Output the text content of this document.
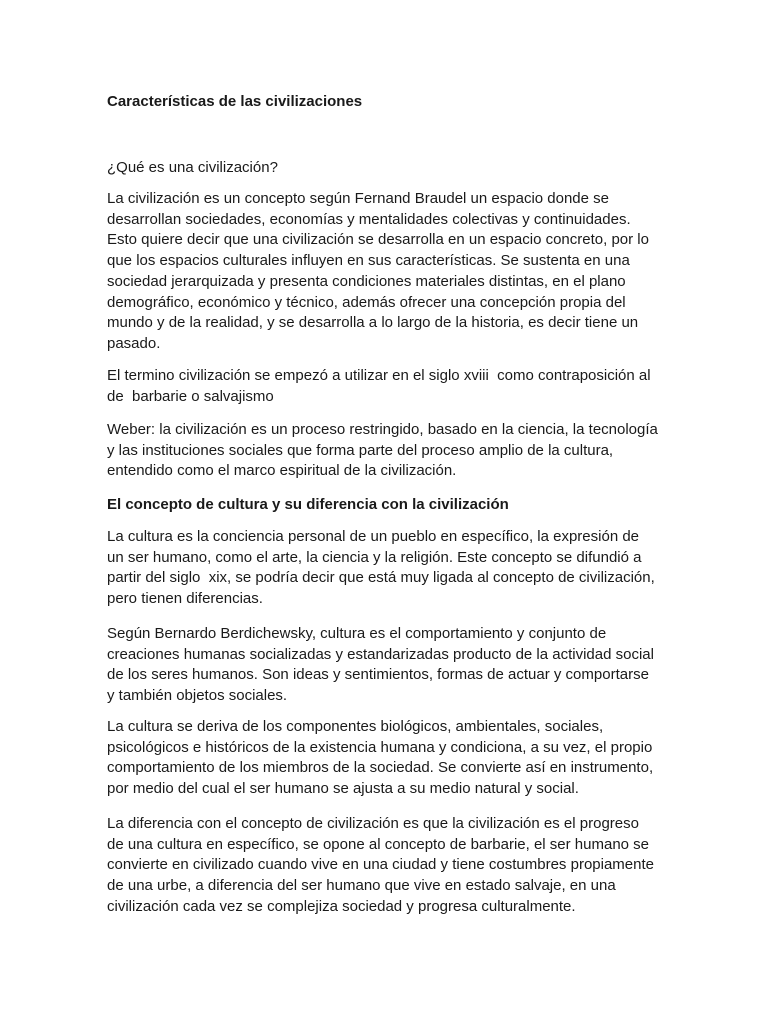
Características de las civilizaciones

¿Qué es una civilización?

La civilización es un concepto según Fernand Braudel un espacio donde se
desarrollan sociedades, economías y mentalidades colectivas y continuidades.
Esto quiere decir que una civilización se desarrolla en un espacio concreto, por lo
que los espacios culturales influyen en sus características. Se sustenta en una
sociedad jerarquizada y presenta condiciones materiales distintas, en el plano
demográfico, económico y técnico, además ofrecer una concepción propia del
mundo y de la realidad, y se desarrolla a lo largo de la historia, es decir tiene un
pasado.

El termino civilización se empezó a utilizar en el siglo xviii  como contraposición al
de  barbarie o salvajismo

Weber: la civilización es un proceso restringido, basado en la ciencia, la tecnología
y las instituciones sociales que forma parte del proceso amplio de la cultura,
entendido como el marco espiritual de la civilización.

El concepto de cultura y su diferencia con la civilización

La cultura es la conciencia personal de un pueblo en específico, la expresión de
un ser humano, como el arte, la ciencia y la religión. Este concepto se difundió a
partir del siglo  xix, se podría decir que está muy ligada al concepto de civilización,
pero tienen diferencias.

Según Bernardo Berdichewsky, cultura es el comportamiento y conjunto de
creaciones humanas socializadas y estandarizadas producto de la actividad social
de los seres humanos. Son ideas y sentimientos, formas de actuar y comportarse
y también objetos sociales.

La cultura se deriva de los componentes biológicos, ambientales, sociales,
psicológicos e históricos de la existencia humana y condiciona, a su vez, el propio
comportamiento de los miembros de la sociedad. Se convierte así en instrumento,
por medio del cual el ser humano se ajusta a su medio natural y social.

La diferencia con el concepto de civilización es que la civilización es el progreso
de una cultura en específico, se opone al concepto de barbarie, el ser humano se
convierte en civilizado cuando vive en una ciudad y tiene costumbres propiamente
de una urbe, a diferencia del ser humano que vive en estado salvaje, en una
civilización cada vez se complejiza sociedad y progresa culturalmente.
